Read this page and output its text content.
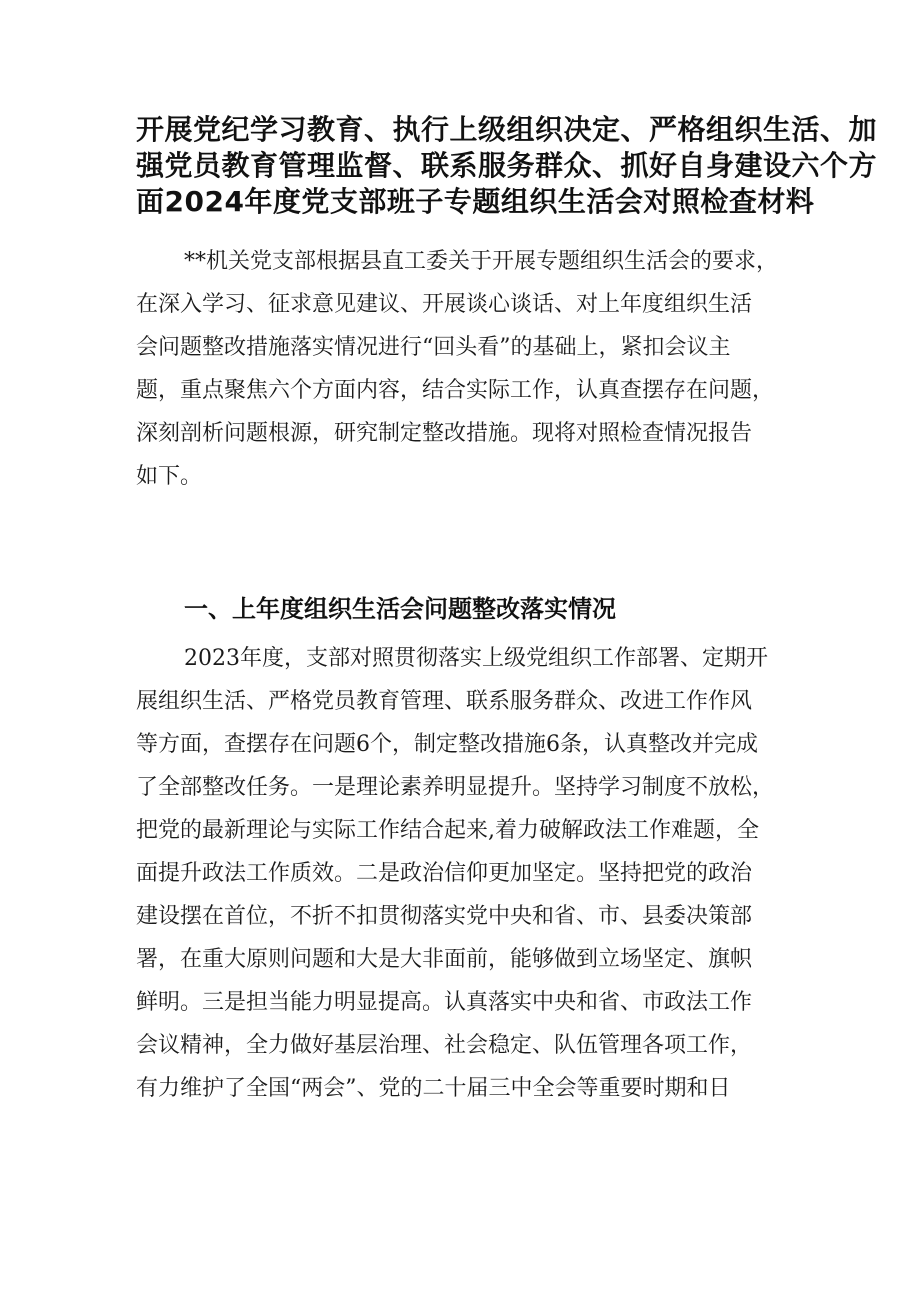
开展党纪学习教育、执行上级组织决定、严格组织生活、加
强党员教育管理监督、联系服务群众、抓好自身建设六个方
面2024年度党支部班子专题组织生活会对照检查材料

**机关党支部根据县直工委关于开展专题组织生活会的要求，
在深入学习、征求意见建议、开展谈心谈话、对上年度组织生活
会问题整改措施落实情况进行“回头看”的基础上，紧扣会议主
题，重点聚焦六个方面内容，结合实际工作，认真查摆存在问题，
深刻剖析问题根源，研究制定整改措施。现将对照检查情况报告
如下。

一、上年度组织生活会问题整改落实情况

2023年度，支部对照贯彻落实上级党组织工作部署、定期开
展组织生活、严格党员教育管理、联系服务群众、改进工作作风
等方面，查摆存在问题6个，制定整改措施6条，认真整改并完成
了全部整改任务。一是理论素养明显提升。坚持学习制度不放松，
把党的最新理论与实际工作结合起来,着力破解政法工作难题，全
面提升政法工作质效。二是政治信仰更加坚定。坚持把党的政治
建设摆在首位，不折不扣贯彻落实党中央和省、市、县委决策部
署，在重大原则问题和大是大非面前，能够做到立场坚定、旗帜
鲜明。三是担当能力明显提高。认真落实中央和省、市政法工作
会议精神，全力做好基层治理、社会稳定、队伍管理各项工作，
有力维护了全国“两会”、党的二十届三中全会等重要时期和日
